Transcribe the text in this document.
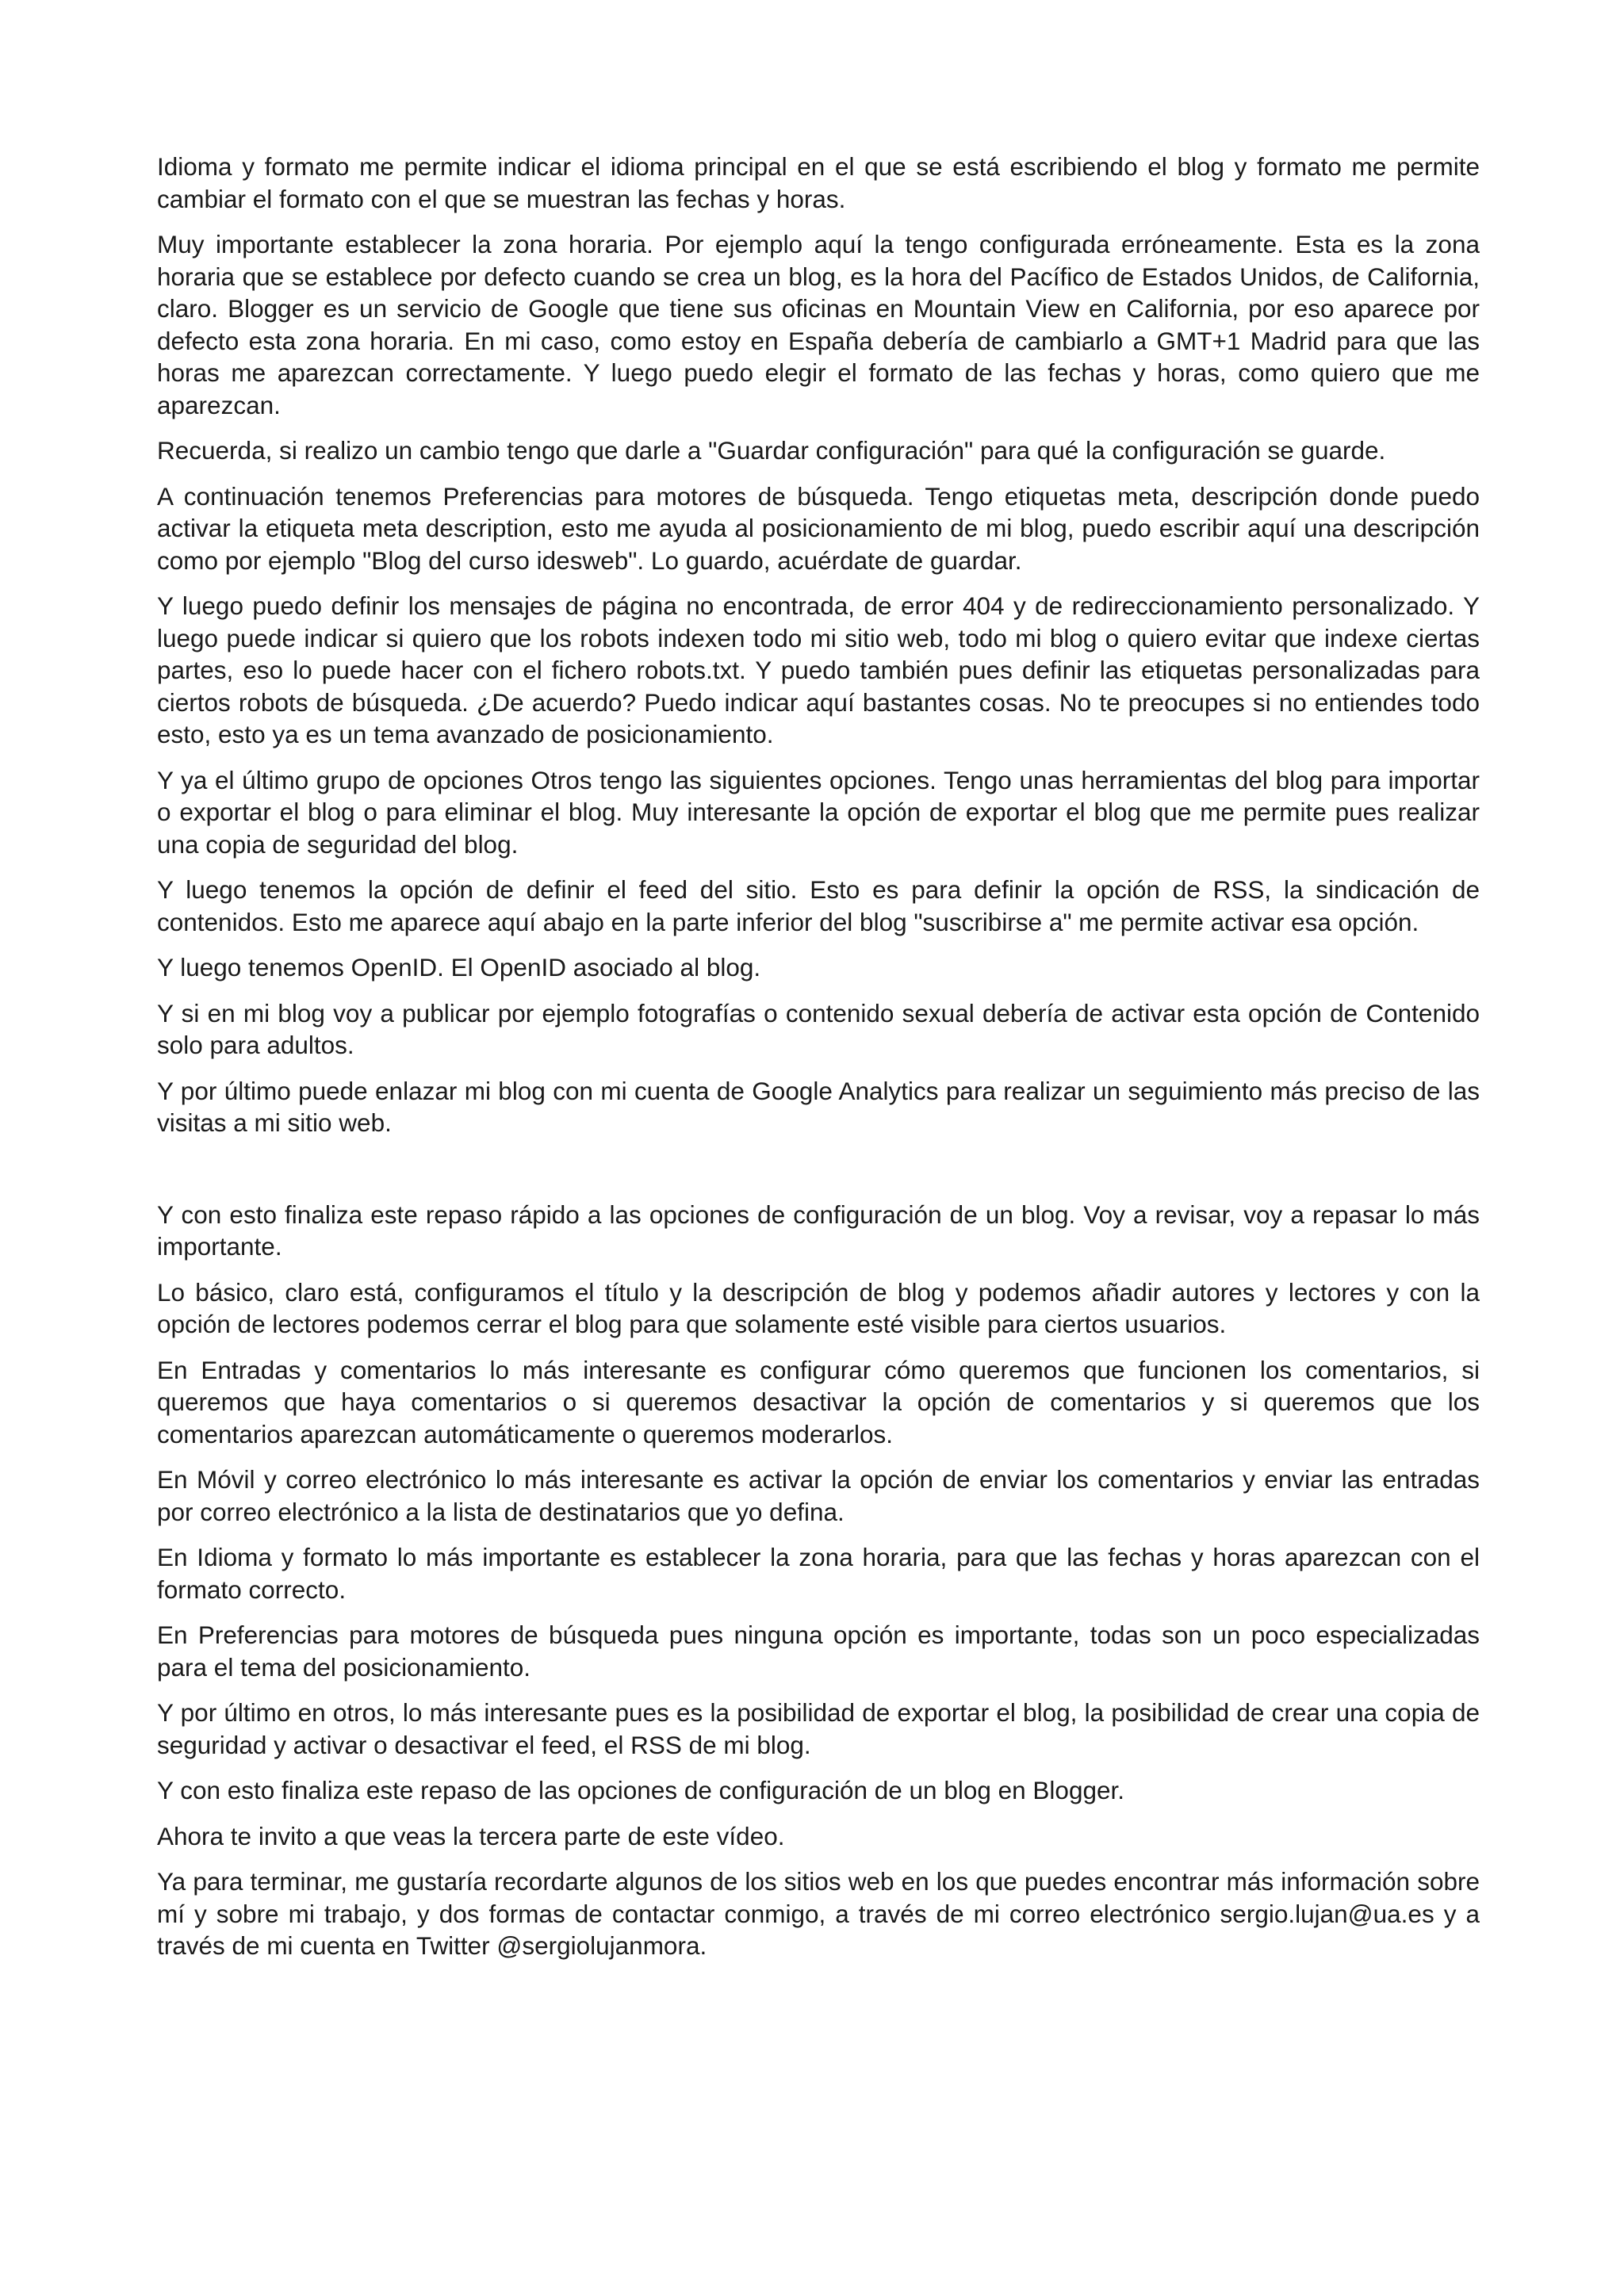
Idioma y formato me permite indicar el idioma principal en el que se está escribiendo el blog y formato me permite cambiar el formato con el que se muestran las fechas y horas.

Muy importante establecer la zona horaria. Por ejemplo aquí la tengo configurada erróneamente. Esta es la zona horaria que se establece por defecto cuando se crea un blog, es la hora del Pacífico de Estados Unidos, de California, claro. Blogger es un servicio de Google que tiene sus oficinas en Mountain View en California, por eso aparece por defecto esta zona horaria. En mi caso, como estoy en España debería de cambiarlo a GMT+1 Madrid para que las horas me aparezcan correctamente. Y luego puedo elegir el formato de las fechas y horas, como quiero que me aparezcan.

Recuerda, si realizo un cambio tengo que darle a "Guardar configuración" para qué la configuración se guarde.

A continuación tenemos Preferencias para motores de búsqueda. Tengo etiquetas meta, descripción donde puedo activar la etiqueta meta description, esto me ayuda al posicionamiento de mi blog, puedo escribir aquí una descripción como por ejemplo "Blog del curso idesweb". Lo guardo, acuérdate de guardar.

Y luego puedo definir los mensajes de página no encontrada, de error 404 y de redireccionamiento personalizado. Y luego puede indicar si quiero que los robots indexen todo mi sitio web, todo mi blog o quiero evitar que indexe ciertas partes, eso lo puede hacer con el fichero robots.txt. Y puedo también pues definir las etiquetas personalizadas para ciertos robots de búsqueda. ¿De acuerdo? Puedo indicar aquí bastantes cosas. No te preocupes si no entiendes todo esto, esto ya es un tema avanzado de posicionamiento.

Y ya el último grupo de opciones Otros tengo las siguientes opciones. Tengo unas herramientas del blog para importar o exportar el blog o para eliminar el blog. Muy interesante la opción de exportar el blog que me permite pues realizar una copia de seguridad del blog.

Y luego tenemos la opción de definir el feed del sitio. Esto es para definir la opción de RSS, la sindicación de contenidos. Esto me aparece aquí abajo en la parte inferior del blog "suscribirse a" me permite activar esa opción.

Y luego tenemos OpenID. El OpenID asociado al blog.

Y si en mi blog voy a publicar por ejemplo fotografías o contenido sexual debería de activar esta opción de Contenido solo para adultos.

Y por último puede enlazar mi blog con mi cuenta de Google Analytics para realizar un seguimiento más preciso de las visitas a mi sitio web.

Y con esto finaliza este repaso rápido a las opciones de configuración de un blog. Voy a revisar, voy a repasar lo más importante.

Lo básico, claro está, configuramos el título y la descripción de blog y podemos añadir autores y lectores y con la opción de lectores podemos cerrar el blog para que solamente esté visible para ciertos usuarios.

En Entradas y comentarios lo más interesante es configurar cómo queremos que funcionen los comentarios, si queremos que haya comentarios o si queremos desactivar la opción de comentarios y si queremos que los comentarios aparezcan automáticamente o queremos moderarlos.

En Móvil y correo electrónico lo más interesante es activar la opción de enviar los comentarios y enviar las entradas por correo electrónico a la lista de destinatarios que yo defina.

En Idioma y formato lo más importante es establecer la zona horaria, para que las fechas y horas aparezcan con el formato correcto.

En Preferencias para motores de búsqueda pues ninguna opción es importante, todas son un poco especializadas para el tema del posicionamiento.

Y por último en otros, lo más interesante pues es la posibilidad de exportar el blog, la posibilidad de crear una copia de seguridad y activar o desactivar el feed, el RSS de mi blog.

Y con esto finaliza este repaso de las opciones de configuración de un blog en Blogger.

Ahora te invito a que veas la tercera parte de este vídeo.

Ya para terminar, me gustaría recordarte algunos de los sitios web en los que puedes encontrar más información sobre mí y sobre mi trabajo, y dos formas de contactar conmigo, a través de mi correo electrónico sergio.lujan@ua.es y a través de mi cuenta en Twitter @sergiolujanmora.
